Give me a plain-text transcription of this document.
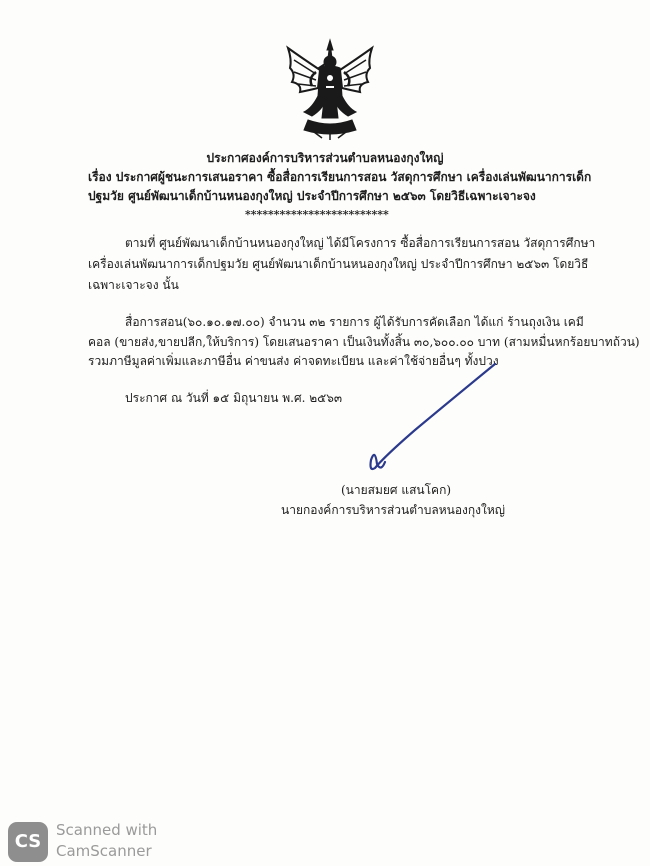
ประกาศองค์การบริหารส่วนตำบลหนองกุงใหญ่
เรื่อง ประกาศผู้ชนะการเสนอราคา ซื้อสื่อการเรียนการสอน วัสดุการศึกษา เครื่องเล่นพัฒนาการเด็ก
ปฐมวัย ศูนย์พัฒนาเด็กบ้านหนองกุงใหญ่ ประจำปีการศึกษา ๒๕๖๓ โดยวิธีเฉพาะเจาะจง
*************************
ตามที่ ศูนย์พัฒนาเด็กบ้านหนองกุงใหญ่ ได้มีโครงการ ซื้อสื่อการเรียนการสอน วัสดุการศึกษา
เครื่องเล่นพัฒนาการเด็กปฐมวัย ศูนย์พัฒนาเด็กบ้านหนองกุงใหญ่ ประจำปีการศึกษา ๒๕๖๓ โดยวิธี
เฉพาะเจาะจง นั้น
สื่อการสอน(๖๐.๑๐.๑๗.๐๐) จำนวน ๓๒ รายการ ผู้ได้รับการคัดเลือก ได้แก่ ร้านถุงเงิน เคมี
คอล (ขายส่ง,ขายปลีก,ให้บริการ) โดยเสนอราคา เป็นเงินทั้งสิ้น ๓๐,๖๐๐.๐๐ บาท (สามหมื่นหกร้อยบาทถ้วน)
รวมภาษีมูลค่าเพิ่มและภาษีอื่น ค่าขนส่ง ค่าจดทะเบียน และค่าใช้จ่ายอื่นๆ ทั้งปวง
ประกาศ ณ วันที่ ๑๕ มิถุนายน พ.ศ. ๒๕๖๓
(นายสมยศ แสนโคก)
นายกองค์การบริหารส่วนตำบลหนองกุงใหญ่
CS
Scanned with
CamScanner
